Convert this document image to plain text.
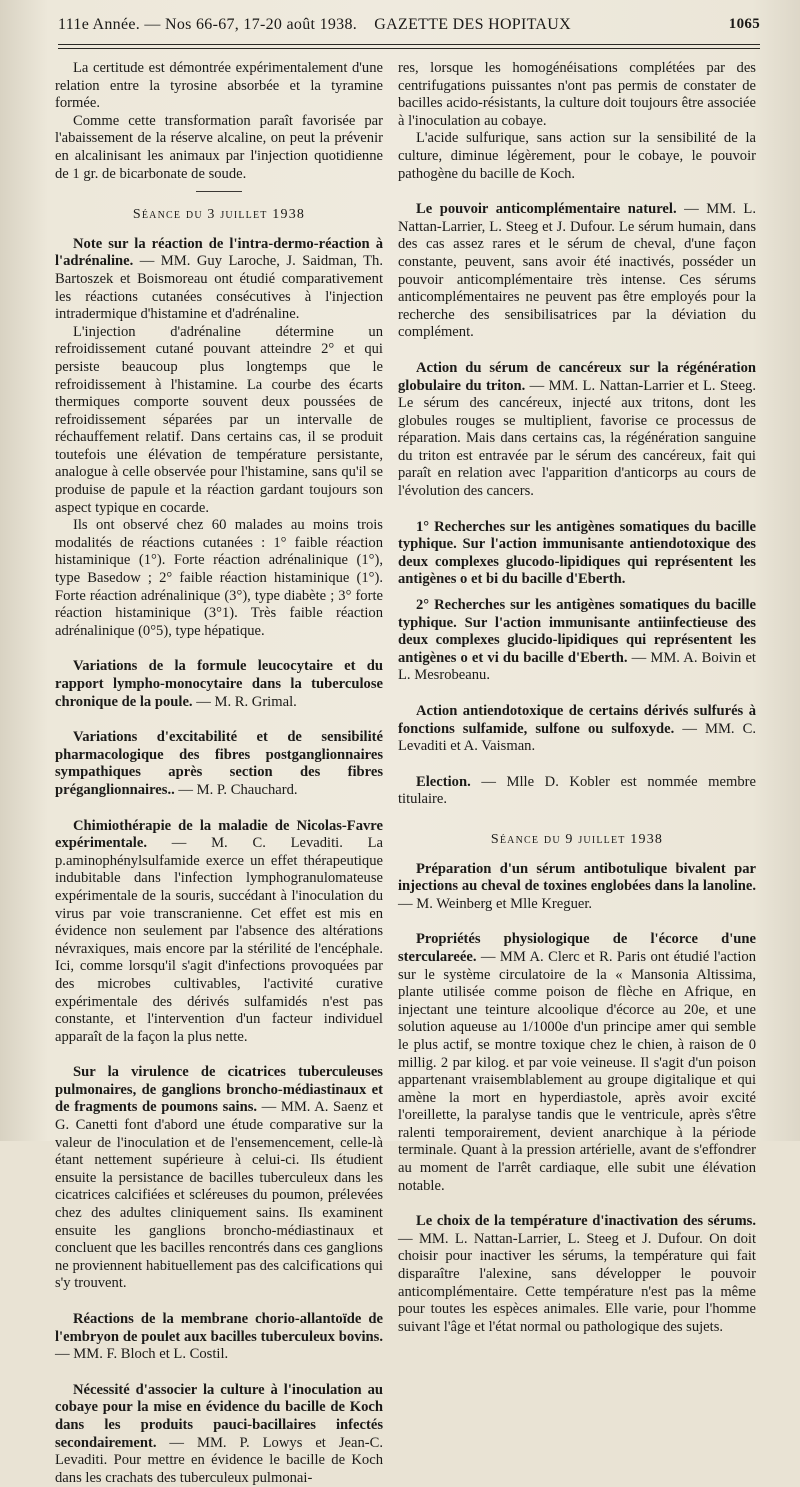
111e Année. — Nos 66-67, 17-20 août 1938. GAZETTE DES HOPITAUX	1065

La certitude est démontrée expérimentalement d'une relation entre la tyrosine absorbée et la tyramine formée.

Comme cette transformation paraît favorisée par l'abaissement de la réserve alcaline, on peut la prévenir en alcalinisant les animaux par l'injection quotidienne de 1 gr. de bicarbonate de soude.

Séance du 3 juillet 1938

Note sur la réaction de l'intra-dermo-réaction à l'adrénaline. — MM. Guy Laroche, J. Saidman, Th. Bartoszek et Boismoreau ont étudié comparativement les réactions cutanées consécutives à l'injection intradermique d'histamine et d'adrénaline.

L'injection d'adrénaline détermine un refroidissement cutané pouvant atteindre 2° et qui persiste beaucoup plus longtemps que le refroidissement à l'histamine. La courbe des écarts thermiques comporte souvent deux poussées de refroidissement séparées par un intervalle de réchauffement relatif. Dans certains cas, il se produit toutefois une élévation de température persistante, analogue à celle observée pour l'histamine, sans qu'il se produise de papule et la réaction gardant toujours son aspect typique en cocarde.

Ils ont observé chez 60 malades au moins trois modalités de réactions cutanées : 1° faible réaction histaminique (1°). Forte réaction adrénalinique (1°), type Basedow ; 2° faible réaction histaminique (1°). Forte réaction adrénalinique (3°), type diabète ; 3° forte réaction histaminique (3°1). Très faible réaction adrénalinique (0°5), type hépatique.

Variations de la formule leucocytaire et du rapport lympho-monocytaire dans la tuberculose chronique de la poule. — M. R. Grimal.

Variations d'excitabilité et de sensibilité pharmacologique des fibres postganglionnaires sympathiques après section des fibres préganglionnaires.. — M. P. Chauchard.

Chimiothérapie de la maladie de Nicolas-Favre expérimentale. — M. C. Levaditi. La p.aminophénylsulfamide exerce un effet thérapeutique indubitable dans l'infection lymphogranulomateuse expérimentale de la souris, succédant à l'inoculation du virus par voie transcranienne. Cet effet est mis en évidence non seulement par l'absence des altérations névraxiques, mais encore par la stérilité de l'encéphale. Ici, comme lorsqu'il s'agit d'infections provoquées par des microbes cultivables, l'activité curative expérimentale des dérivés sulfamidés n'est pas constante, et l'intervention d'un facteur individuel apparaît de la façon la plus nette.

Sur la virulence de cicatrices tuberculeuses pulmonaires, de ganglions broncho-médiastinaux et de fragments de poumons sains. — MM. A. Saenz et G. Canetti font d'abord une étude comparative sur la valeur de l'inoculation et de l'ensemencement, celle-là étant nettement supérieure à celui-ci. Ils étudient ensuite la persistance de bacilles tuberculeux dans les cicatrices calcifiées et scléreuses du poumon, prélevées chez des adultes cliniquement sains. Ils examinent ensuite les ganglions broncho-médiastinaux et concluent que les bacilles rencontrés dans ces ganglions ne proviennent habituellement pas des calcifications qui s'y trouvent.

Réactions de la membrane chorio-allantoïde de l'embryon de poulet aux bacilles tuberculeux bovins. — MM. F. Bloch et L. Costil.

Nécessité d'associer la culture à l'inoculation au cobaye pour la mise en évidence du bacille de Koch dans les produits pauci-bacillaires infectés secondairement. — MM. P. Lowys et Jean-C. Levaditi. Pour mettre en évidence le bacille de Koch dans les crachats des tuberculeux pulmonai-

res, lorsque les homogénéisations complétées par des centrifugations puissantes n'ont pas permis de constater de bacilles acido-résistants, la culture doit toujours être associée à l'inoculation au cobaye.

L'acide sulfurique, sans action sur la sensibilité de la culture, diminue légèrement, pour le cobaye, le pouvoir pathogène du bacille de Koch.

Le pouvoir anticomplémentaire naturel. — MM. L. Nattan-Larrier, L. Steeg et J. Dufour. Le sérum humain, dans des cas assez rares et le sérum de cheval, d'une façon constante, peuvent, sans avoir été inactivés, posséder un pouvoir anticomplémentaire très intense. Ces sérums anticomplémentaires ne peuvent pas être employés pour la recherche des sensibilisatrices par la déviation du complément.

Action du sérum de cancéreux sur la régénération globulaire du triton. — MM. L. Nattan-Larrier et L. Steeg. Le sérum des cancéreux, injecté aux tritons, dont les globules rouges se multiplient, favorise ce processus de réparation. Mais dans certains cas, la régénération sanguine du triton est entravée par le sérum des cancéreux, fait qui paraît en relation avec l'apparition d'anticorps au cours de l'évolution des cancers.

1° Recherches sur les antigènes somatiques du bacille typhique. Sur l'action immunisante antiendotoxique des deux complexes glucodo-lipidiques qui représentent les antigènes o et bi du bacille d'Eberth.

2° Recherches sur les antigènes somatiques du bacille typhique. Sur l'action immunisante antiinfectieuse des deux complexes glucido-lipidiques qui représentent les antigènes o et vi du bacille d'Eberth. — MM. A. Boivin et L. Mesrobeanu.

Action antiendotoxique de certains dérivés sulfurés à fonctions sulfamide, sulfone ou sulfoxyde. — MM. C. Levaditi et A. Vaisman.

Election. — Mlle D. Kobler est nommée membre titulaire.

Séance du 9 juillet 1938

Préparation d'un sérum antibotulique bivalent par injections au cheval de toxines englobées dans la lanoline. — M. Weinberg et Mlle Kreguer.

Propriétés physiologique de l'écorce d'une sterculareée. — MM A. Clerc et R. Paris ont étudié l'action sur le système circulatoire de la « Mansonia Altissima, plante utilisée comme poison de flèche en Afrique, en injectant une teinture alcoolique d'écorce au 20e, et une solution aqueuse au 1/1000e d'un principe amer qui semble le plus actif, se montre toxique chez le chien, à raison de 0 millig. 2 par kilog. et par voie veineuse. Il s'agit d'un poison appartenant vraisemblablement au groupe digitalique et qui amène la mort en hyperdiastole, après avoir excité l'oreillette, la paralyse tandis que le ventricule, après s'être ralenti temporairement, devient anarchique à la période terminale. Quant à la pression artérielle, avant de s'effondrer au moment de l'arrêt cardiaque, elle subit une élévation notable.

Le choix de la température d'inactivation des sérums. — MM. L. Nattan-Larrier, L. Steeg et J. Dufour. On doit choisir pour inactiver les sérums, la température qui fait disparaître l'alexine, sans développer le pouvoir anticomplémentaire. Cette température n'est pas la même pour toutes les espèces animales. Elle varie, pour l'homme suivant l'âge et l'état normal ou pathologique des sujets.
